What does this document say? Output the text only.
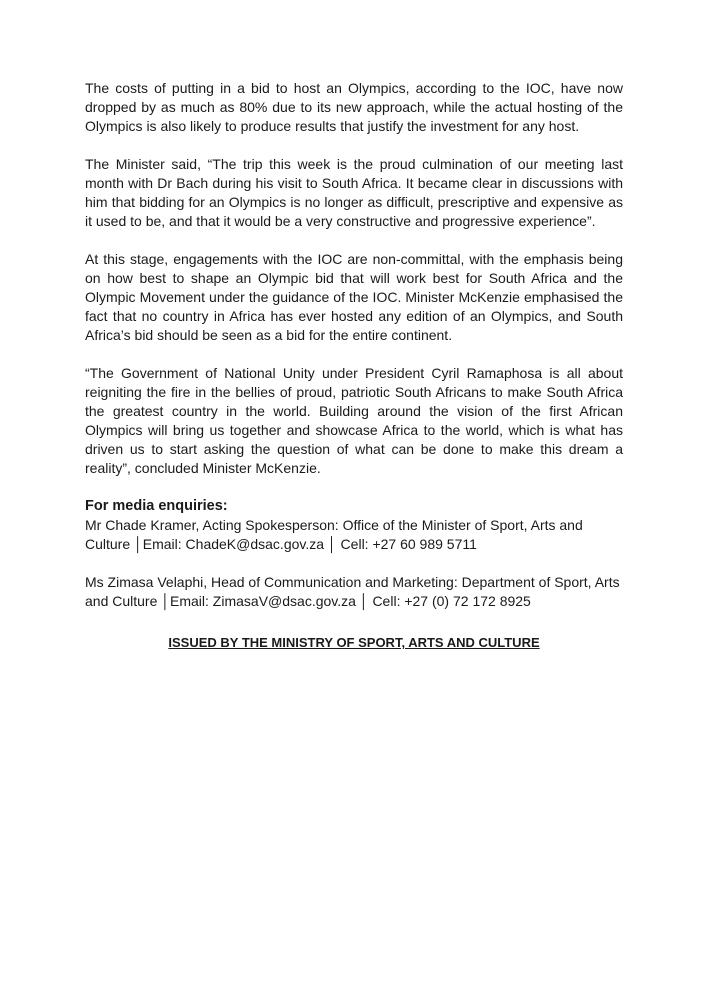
The costs of putting in a bid to host an Olympics, according to the IOC, have now dropped by as much as 80% due to its new approach, while the actual hosting of the Olympics is also likely to produce results that justify the investment for any host.

The Minister said, “The trip this week is the proud culmination of our meeting last month with Dr Bach during his visit to South Africa. It became clear in discussions with him that bidding for an Olympics is no longer as difficult, prescriptive and expensive as it used to be, and that it would be a very constructive and progressive experience”.

At this stage, engagements with the IOC are non-committal, with the emphasis being on how best to shape an Olympic bid that will work best for South Africa and the Olympic Movement under the guidance of the IOC. Minister McKenzie emphasised the fact that no country in Africa has ever hosted any edition of an Olympics, and South Africa’s bid should be seen as a bid for the entire continent.

“The Government of National Unity under President Cyril Ramaphosa is all about reigniting the fire in the bellies of proud, patriotic South Africans to make South Africa the greatest country in the world. Building around the vision of the first African Olympics will bring us together and showcase Africa to the world, which is what has driven us to start asking the question of what can be done to make this dream a reality”, concluded Minister McKenzie.

For media enquiries:

Mr Chade Kramer, Acting Spokesperson: Office of the Minister of Sport, Arts and Culture │Email: ChadeK@dsac.gov.za │ Cell: +27 60 989 5711

Ms Zimasa Velaphi, Head of Communication and Marketing: Department of Sport, Arts and Culture │Email: ZimasaV@dsac.gov.za │ Cell: +27 (0) 72 172 8925

ISSUED BY THE MINISTRY OF SPORT, ARTS AND CULTURE
